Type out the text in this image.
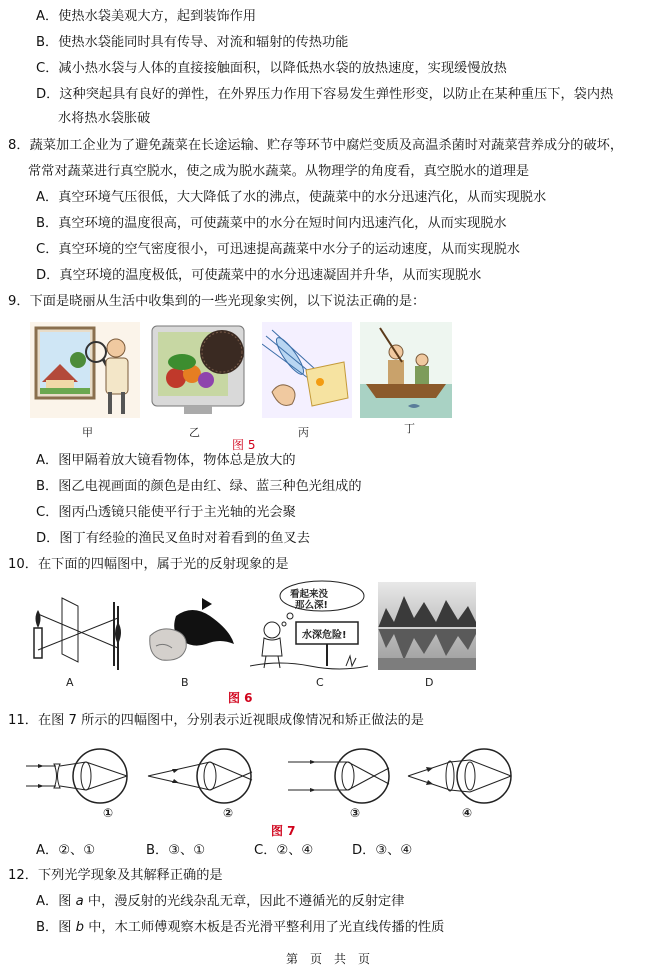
A．使热水袋美观大方，起到装饰作用
B．使热水袋能同时具有传导、对流和辐射的传热功能
C．减小热水袋与人体的直接接触面积，以降低热水袋的放热速度，实现缓慢放热
D．这种突起具有良好的弹性，在外界压力作用下容易发生弹性形变，以防止在某种重压下，袋内热
水将热水袋胀破
8．蔬菜加工企业为了避免蔬菜在长途运输、贮存等环节中腐烂变质及高温杀菌时对蔬菜营养成分的破坏，
常常对蔬菜进行真空脱水，使之成为脱水蔬菜。从物理学的角度看，真空脱水的道理是
A．真空环境气压很低，大大降低了水的沸点，使蔬菜中的水分迅速汽化，从而实现脱水
B．真空环境的温度很高，可使蔬菜中的水分在短时间内迅速汽化，从而实现脱水
C．真空环境的空气密度很小，可迅速提高蔬菜中水分子的运动速度，从而实现脱水
D．真空环境的温度极低，可使蔬菜中的水分迅速凝固并升华，从而实现脱水
9．下面是晓丽从生活中收集到的一些光现象实例，以下说法正确的是：
甲	乙	丙	丁
图 5
A．图甲隔着放大镜看物体，物体总是放大的
B．图乙电视画面的颜色是由红、绿、蓝三种色光组成的
C．图丙凸透镜只能使平行于主光轴的光会聚
D．图丁有经验的渔民叉鱼时对着看到的鱼叉去
10．在下面的四幅图中，属于光的反射现象的是
看起来没
那么深!
水深危险!
A	B	C	D
图 6
11．在图 7 所示的四幅图中，分别表示近视眼成像情况和矫正做法的是
①	②	③	④
图 7
A．②、①	B．③、①	C．②、④	D．③、④
12．下列光学现象及其解释正确的是
A．图 a 中，漫反射的光线杂乱无章，因此不遵循光的反射定律
B．图 b 中，木工师傅观察木板是否光滑平整利用了光直线传播的性质
第　页　共　页
